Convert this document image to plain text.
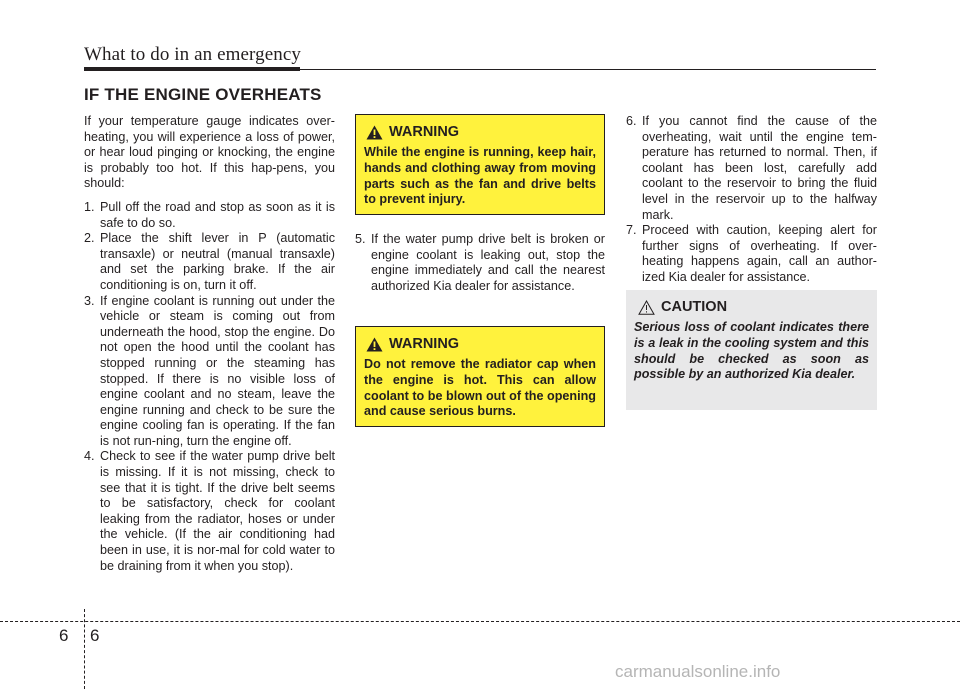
What to do in an emergency
IF THE ENGINE OVERHEATS

If your temperature gauge indicates over-heating, you will experience a loss of power, or hear loud pinging or knocking, the engine is probably too hot. If this hap-pens, you should:

1. Pull off the road and stop as soon as it is safe to do so.
2. Place the shift lever in P (automatic transaxle) or neutral (manual transaxle) and set the parking brake. If the air conditioning is on, turn it off.
3. If engine coolant is running out under the vehicle or steam is coming out from underneath the hood, stop the engine. Do not open the hood until the coolant has stopped running or the steaming has stopped. If there is no visible loss of engine coolant and no steam, leave the engine running and check to be sure the engine cooling fan is operating. If the fan is not run-ning, turn the engine off.
4. Check to see if the water pump drive belt is missing. If it is not missing, check to see that it is tight. If the drive belt seems to be satisfactory, check for coolant leaking from the radiator, hoses or under the vehicle. (If the air conditioning had been in use, it is nor-mal for cold water to be draining from it when you stop).
WARNING
While the engine is running, keep hair, hands and clothing away from moving parts such as the fan and drive belts to prevent injury.
5. If the water pump drive belt is broken or engine coolant is leaking out, stop the engine immediately and call the nearest authorized Kia dealer for assistance.
WARNING
Do not remove the radiator cap when the engine is hot. This can allow coolant to be blown out of the opening and cause serious burns.
6. If you cannot find the cause of the overheating, wait until the engine tem-perature has returned to normal. Then, if coolant has been lost, carefully add coolant to the reservoir to bring the fluid level in the reservoir up to the halfway mark.
7. Proceed with caution, keeping alert for further signs of overheating. If over-heating happens again, call an author-ized Kia dealer for assistance.
CAUTION
Serious loss of coolant indicates there is a leak in the cooling system and this should be checked as soon as possible by an authorized Kia dealer.
6 6
carmanualsonline.info
